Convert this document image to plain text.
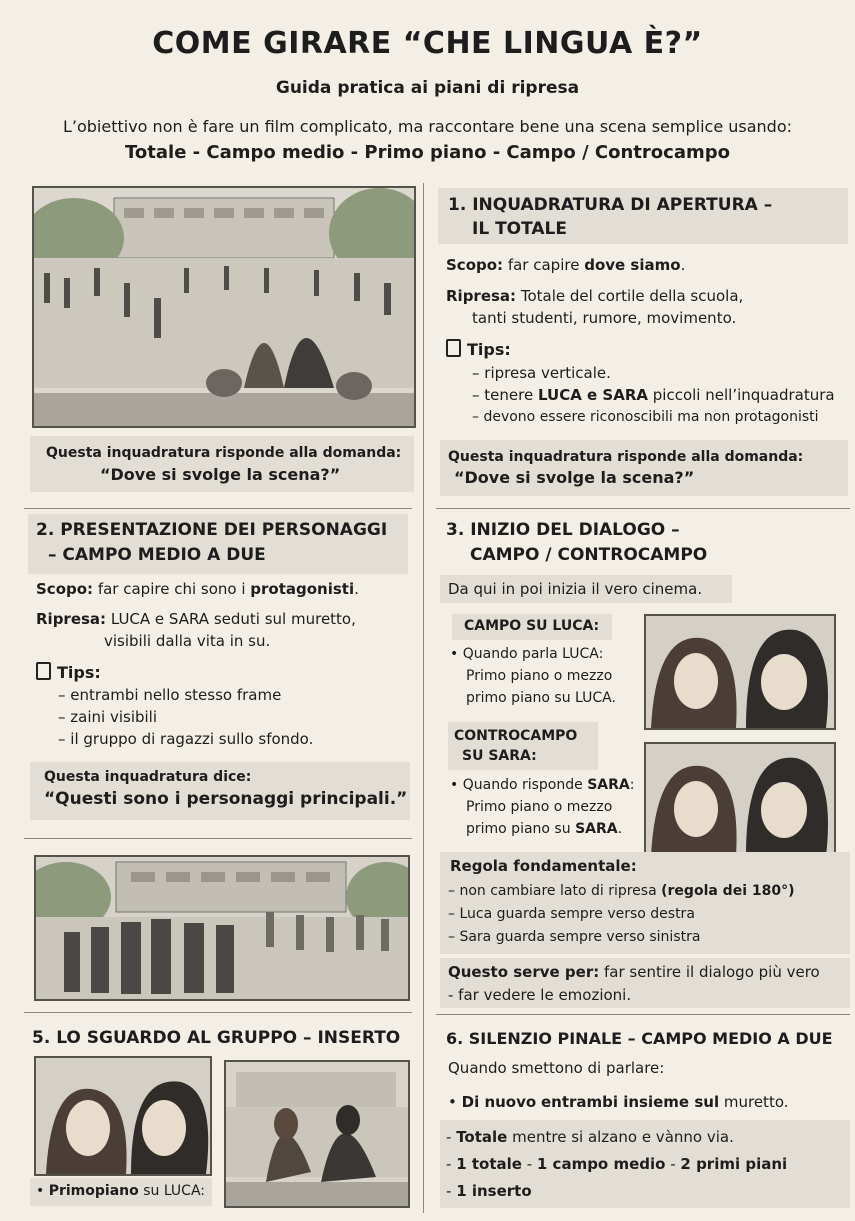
COME GIRARE “CHE LINGUA È?”
Guida pratica ai piani di ripresa
L’obiettivo non è fare un film complicato, ma raccontare bene una scena semplice usando:
Totale - Campo medio - Primo piano - Campo / Controcampo
Questa inquadratura risponde alla domanda:
“Dove si svolge la scena?”
2. PRESENTAZIONE DEI PERSONAGGI
– CAMPO MEDIO A DUE
Scopo: far capire chi sono i protagonisti.
Ripresa: LUCA e SARA seduti sul muretto,
visibili dalla vita in su.
Tips:
– entrambi nello stesso frame
– zaini visibili
– il gruppo di ragazzi sullo sfondo.
Questa inquadratura dice:
“Questi sono i personaggi principali.”
5. LO SGUARDO AL GRUPPO – INSERTO
• Primopiano su LUCA:
1. INQUADRATURA DI APERTURA –
IL TOTALE
Scopo: far capire dove siamo.
Ripresa: Totale del cortile della scuola,
tanti studenti, rumore, movimento.
Tips:
– ripresa verticale.
– tenere LUCA e SARA piccoli nell’inquadratura
– devono essere riconoscibili ma non protagonisti
Questa inquadratura risponde alla domanda:
“Dove si svolge la scena?”
3. INIZIO DEL DIALOGO –
CAMPO / CONTROCAMPO
Da qui in poi inizia il vero cinema.
CAMPO SU LUCA:
• Quando parla LUCA:
Primo piano o mezzo
primo piano su LUCA.
CONTROCAMPO
SU SARA:
• Quando risponde SARA:
Primo piano o mezzo
primo piano su SARA.
Regola fondamentale:
– non cambiare lato di ripresa (regola dei 180°)
– Luca guarda sempre verso destra
– Sara guarda sempre verso sinistra
Questo serve per: far sentire il dialogo più vero
- far vedere le emozioni.
6. SILENZIO PINALE – CAMPO MEDIO A DUE
Quando smettono di parlare:
• Di nuovo entrambi insieme sul muretto.
- Totale mentre si alzano e vànno via.
- 1 totale - 1 campo medio - 2 primi piani
- 1 inserto
